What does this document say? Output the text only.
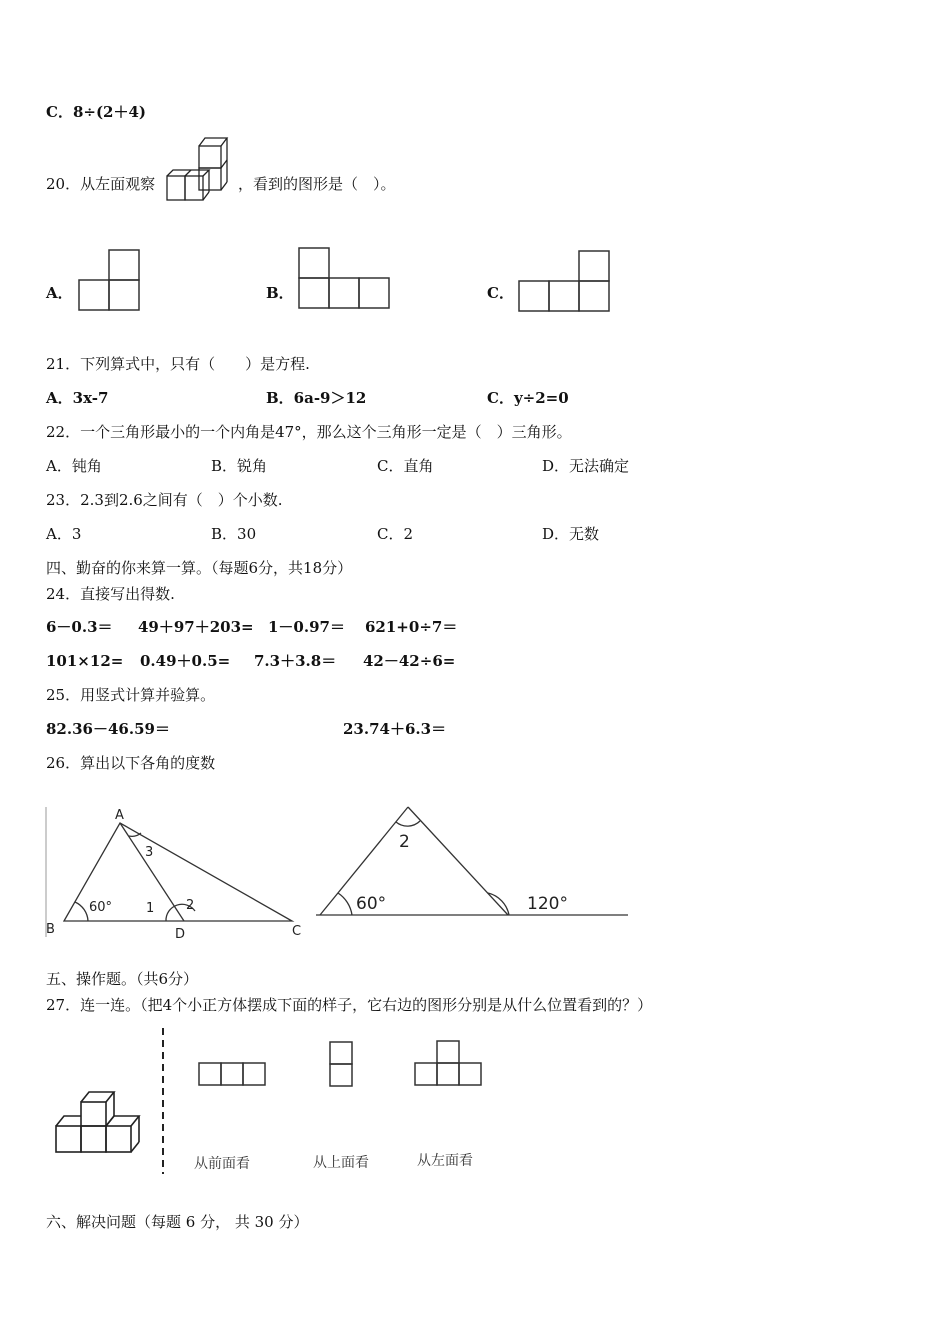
C．8÷(2＋4)
20．从左面观察	，看到的图形是（　）。
A．	B．	C．
21．下列算式中，只有（　　）是方程.
A．3x-7	B．6a-9＞12	C．y÷2=0
22．一个三角形最小的一个内角是47°，那么这个三角形一定是（　）三角形。
A．钝角	B．锐角	C．直角	D．无法确定
23．2.3到2.6之间有（　）个小数.
A．3	B．30	C．2	D．无数
四、勤奋的你来算一算。（每题6分，共18分）
24．直接写出得数.
6－0.3＝ 49＋97＋203= 1－0.97＝ 621+0÷7＝
101×12= 0.49＋0.5= 7.3＋3.8＝ 42－42÷6=
25．用竖式计算并验算。
82.36－46.59＝	23.74＋6.3＝
26．算出以下各角的度数
A
B	D	C
60°	1 2
3
2
60°	120°
五、操作题。（共6分）
27．连一连。（把4个小正方体摆成下面的样子，它右边的图形分别是从什么位置看到的？）
从前面看	从上面看	从左面看
六、解决问题（每题 6 分， 共 30 分）
